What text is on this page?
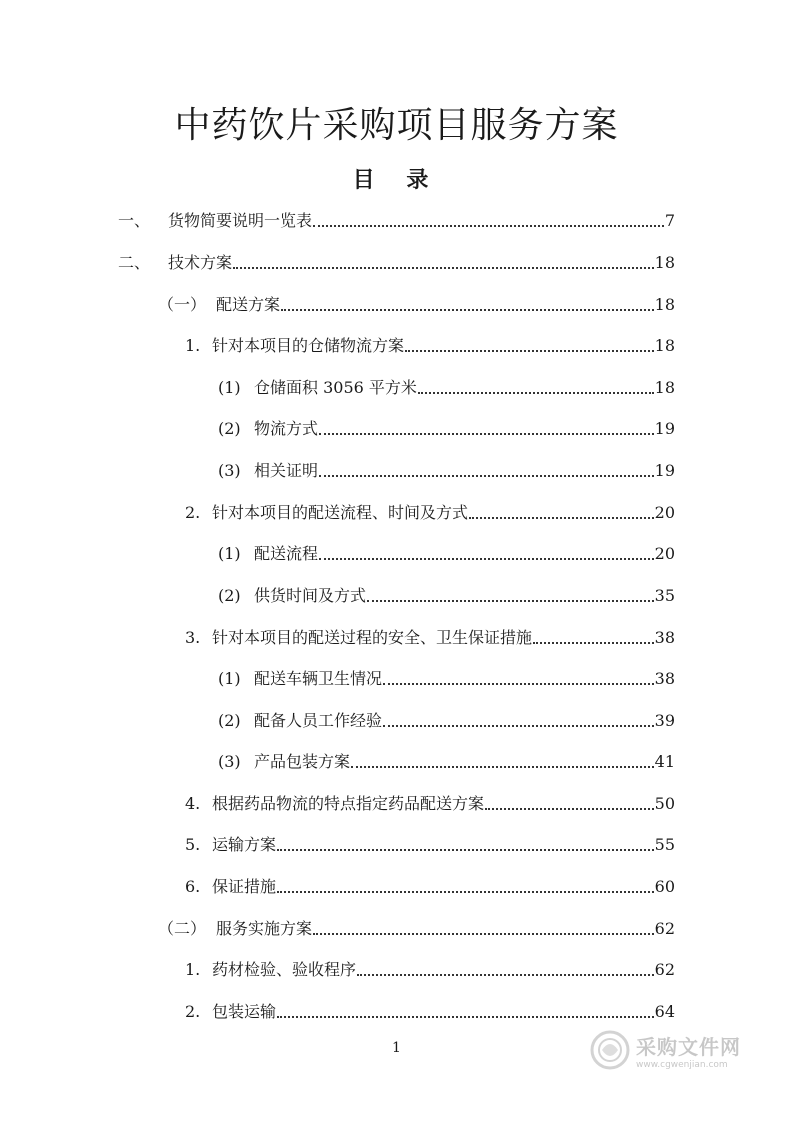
中药饮片采购项目服务方案
目 录
一、	货物简要说明一览表	7
二、	技术方案	18
（一） 配送方案	18
1. 针对本项目的仓储物流方案	18
(1) 仓储面积 3056 平方米	18
(2) 物流方式	19
(3) 相关证明	19
2. 针对本项目的配送流程、时间及方式	20
(1) 配送流程	20
(2) 供货时间及方式	35
3. 针对本项目的配送过程的安全、卫生保证措施	38
(1) 配送车辆卫生情况	38
(2) 配备人员工作经验	39
(3) 产品包装方案	41
4. 根据药品物流的特点指定药品配送方案	50
5. 运输方案	55
6. 保证措施	60
（二） 服务实施方案	62
1. 药材检验、验收程序	62
2. 包装运输	64
1	采购文件网
www.cgwenjian.com
